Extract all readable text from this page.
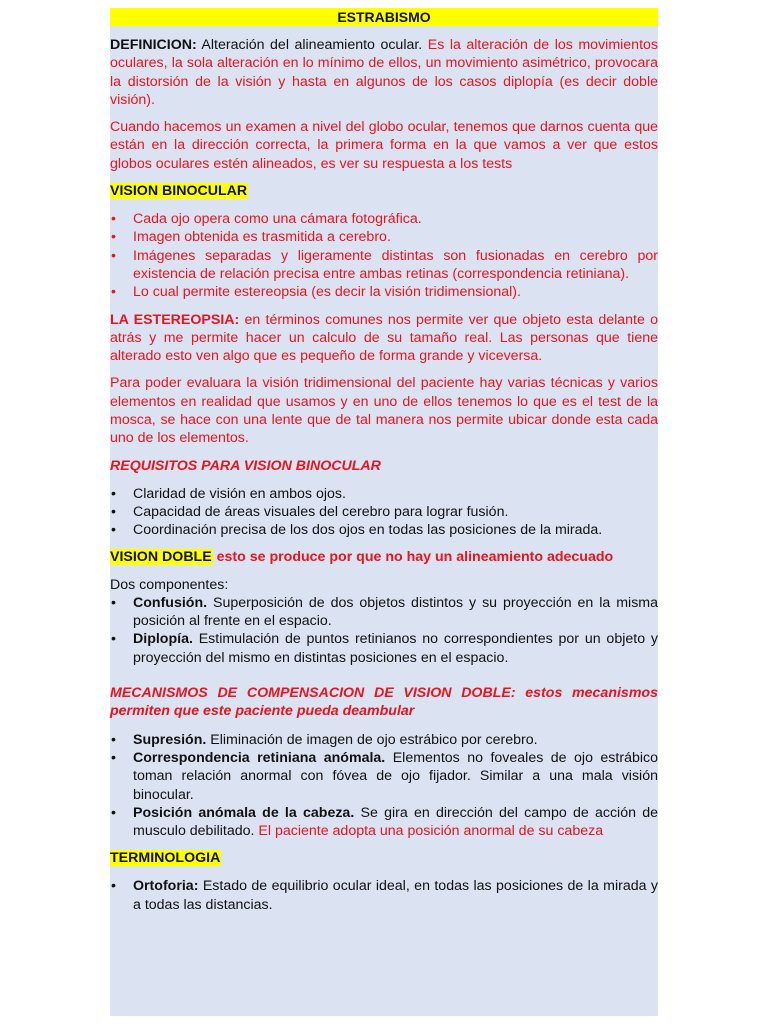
ESTRABISMO

DEFINICION: Alteración del alineamiento ocular. Es la alteración de los movimientos oculares, la sola alteración en lo mínimo de ellos, un movimiento asimétrico, provocara la distorsión de la visión y hasta en algunos de los casos diplopía (es decir doble visión).

Cuando hacemos un examen a nivel del globo ocular, tenemos que darnos cuenta que están en la dirección correcta, la primera forma en la que vamos a ver que estos globos oculares estén alineados, es ver su respuesta a los tests

VISION BINOCULAR
•	Cada ojo opera como una cámara fotográfica.
•	Imagen obtenida es trasmitida a cerebro.
•	Imágenes separadas y ligeramente distintas son fusionadas en cerebro por existencia de relación precisa entre ambas retinas (correspondencia retiniana).
•	Lo cual permite estereopsia (es decir la visión tridimensional).

LA ESTEREOPSIA: en términos comunes nos permite ver que objeto esta delante o atrás y me permite hacer un calculo de su tamaño real. Las personas que tiene alterado esto ven algo que es pequeño de forma grande y viceversa.

Para poder evaluara la visión tridimensional del paciente hay varias técnicas y varios elementos en realidad que usamos y en uno de ellos tenemos lo que es el test de la mosca, se hace con una lente que de tal manera nos permite ubicar donde esta cada uno de los elementos.

REQUISITOS PARA VISION BINOCULAR
•	Claridad de visión en ambos ojos.
•	Capacidad de áreas visuales del cerebro para lograr fusión.
•	Coordinación precisa de los dos ojos en todas las posiciones de la mirada.
VISION DOBLE esto se produce por que no hay un alineamiento adecuado

Dos componentes:

•	Confusión. Superposición de dos objetos distintos y su proyección en la misma posición al frente en el espacio.
•	Diplopía. Estimulación de puntos retinianos no correspondientes por un objeto y proyección del mismo en distintas posiciones en el espacio.

MECANISMOS DE COMPENSACION DE VISION DOBLE: estos mecanismos permiten que este paciente pueda deambular

•	Supresión. Eliminación de imagen de ojo estrábico por cerebro.
•	Correspondencia retiniana anómala. Elementos no foveales de ojo estrábico toman relación anormal con fóvea de ojo fijador. Similar a una mala visión binocular.
•	Posición anómala de la cabeza. Se gira en dirección del campo de acción de musculo debilitado. El paciente adopta una posición anormal de su cabeza
TERMINOLOGIA
•	Ortoforia: Estado de equilibrio ocular ideal, en todas las posiciones de la mirada y a todas las distancias.
